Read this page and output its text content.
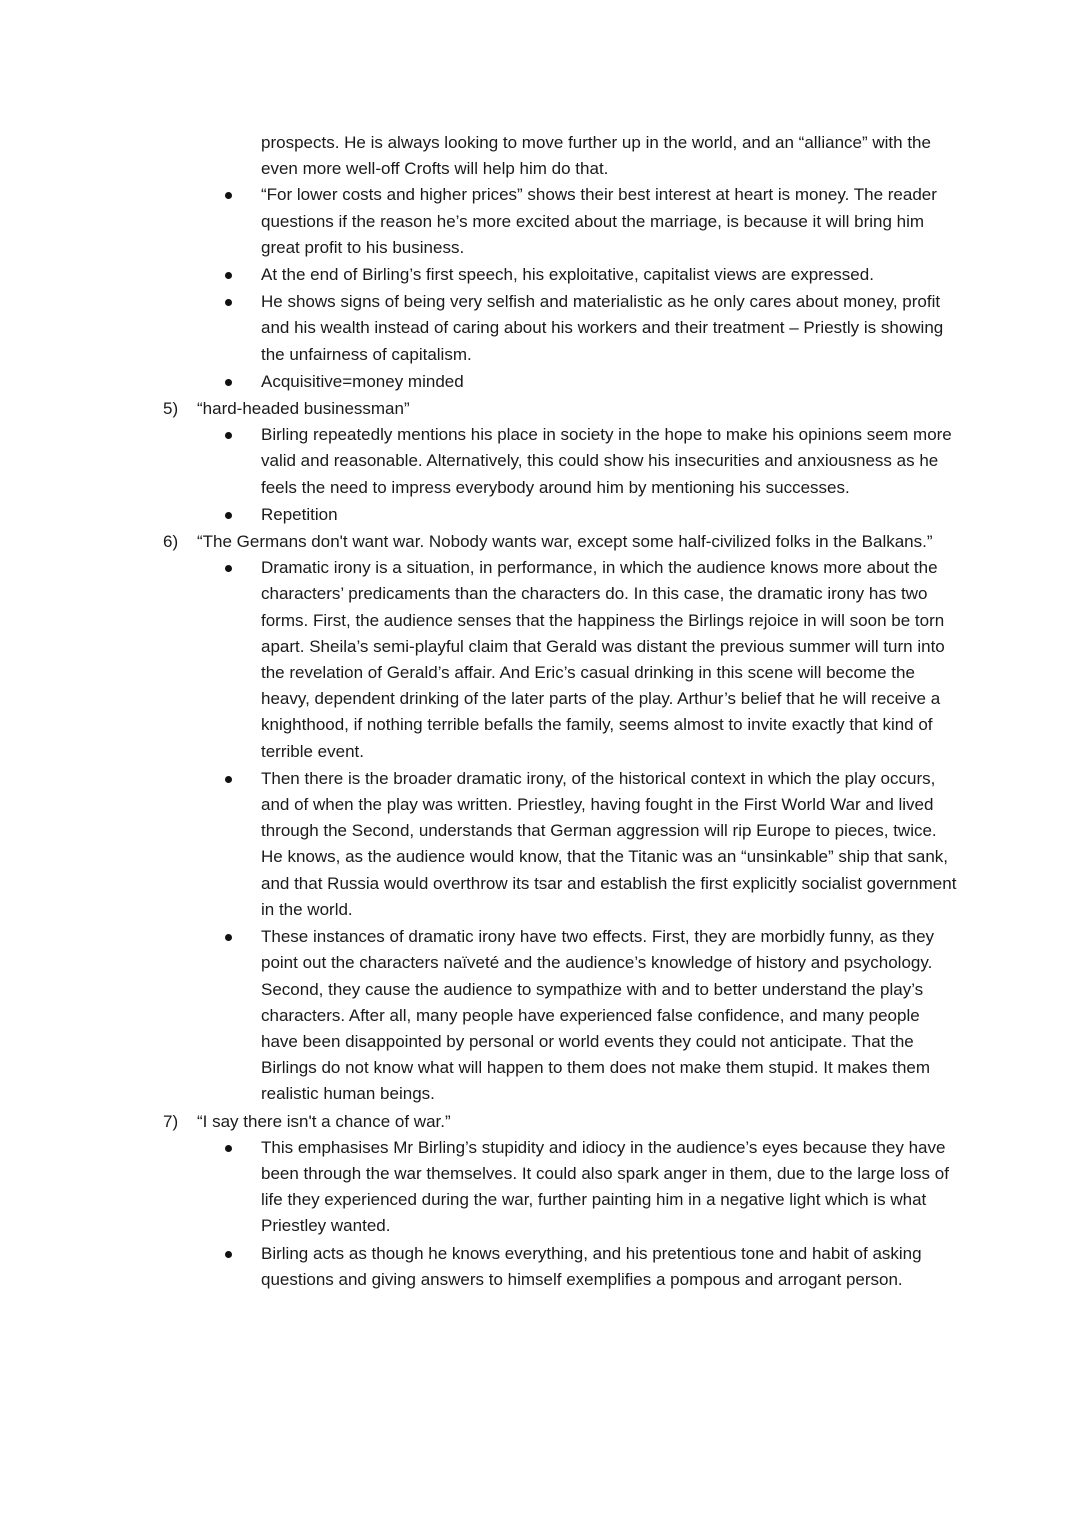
prospects. He is always looking to move further up in the world, and an “alliance” with the even more well-off Crofts will help him do that.

“For lower costs and higher prices” shows their best interest at heart is money. The reader questions if the reason he’s more excited about the marriage, is because it will bring him great profit to his business.
At the end of Birling’s first speech, his exploitative, capitalist views are expressed.
He shows signs of being very selfish and materialistic as he only cares about money, profit and his wealth instead of caring about his workers and their treatment – Priestly is showing the unfairness of capitalism.
Acquisitive=money minded
5) “hard-headed businessman”
Birling repeatedly mentions his place in society in the hope to make his opinions seem more valid and reasonable. Alternatively, this could show his insecurities and anxiousness as he feels the need to impress everybody around him by mentioning his successes.
Repetition
6) “The Germans don't want war. Nobody wants war, except some half-civilized folks in the Balkans.”
Dramatic irony is a situation, in performance, in which the audience knows more about the characters’ predicaments than the characters do. In this case, the dramatic irony has two forms. First, the audience senses that the happiness the Birlings rejoice in will soon be torn apart. Sheila’s semi-playful claim that Gerald was distant the previous summer will turn into the revelation of Gerald’s affair. And Eric’s casual drinking in this scene will become the heavy, dependent drinking of the later parts of the play. Arthur’s belief that he will receive a knighthood, if nothing terrible befalls the family, seems almost to invite exactly that kind of terrible event.
Then there is the broader dramatic irony, of the historical context in which the play occurs, and of when the play was written. Priestley, having fought in the First World War and lived through the Second, understands that German aggression will rip Europe to pieces, twice. He knows, as the audience would know, that the Titanic was an “unsinkable” ship that sank, and that Russia would overthrow its tsar and establish the first explicitly socialist government in the world.
These instances of dramatic irony have two effects. First, they are morbidly funny, as they point out the characters naïveté and the audience’s knowledge of history and psychology. Second, they cause the audience to sympathize with and to better understand the play’s characters. After all, many people have experienced false confidence, and many people have been disappointed by personal or world events they could not anticipate. That the Birlings do not know what will happen to them does not make them stupid. It makes them realistic human beings.
7) “I say there isn't a chance of war.”
This emphasises Mr Birling’s stupidity and idiocy in the audience’s eyes because they have been through the war themselves. It could also spark anger in them, due to the large loss of life they experienced during the war, further painting him in a negative light which is what Priestley wanted.
Birling acts as though he knows everything, and his pretentious tone and habit of asking questions and giving answers to himself exemplifies a pompous and arrogant person.
